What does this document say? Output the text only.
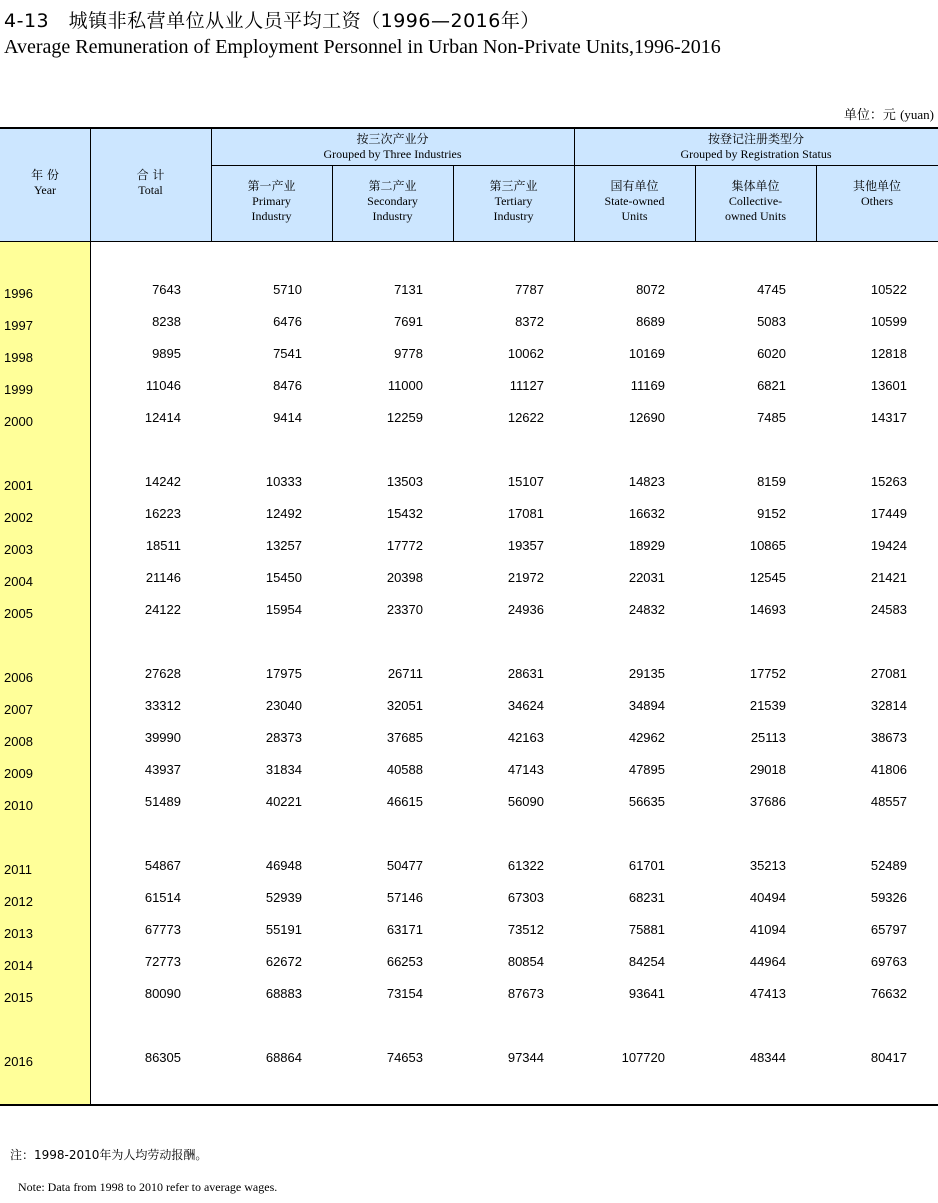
4-13　城镇非私营单位从业人员平均工资（1996—2016年）
Average Remuneration of Employment Personnel in Urban Non-Private Units,1996-2016
单位：元 (yuan)
年 份
Year
合 计
Total
按三次产业分
Grouped by Three Industries
按登记注册类型分
Grouped by Registration Status
第一产业
Primary
Industry
第二产业
Secondary
Industry
第三产业
Tertiary
Industry
国有单位
State-owned
Units
集体单位
Collective-
owned Units
其他单位
Others
1996	7643	5710	7131	7787	8072	4745	10522
1997	8238	6476	7691	8372	8689	5083	10599
1998	9895	7541	9778	10062	10169	6020	12818
1999	11046	8476	11000	11127	11169	6821	13601
2000	12414	9414	12259	12622	12690	7485	14317
2001	14242	10333	13503	15107	14823	8159	15263
2002	16223	12492	15432	17081	16632	9152	17449
2003	18511	13257	17772	19357	18929	10865	19424
2004	21146	15450	20398	21972	22031	12545	21421
2005	24122	15954	23370	24936	24832	14693	24583
2006	27628	17975	26711	28631	29135	17752	27081
2007	33312	23040	32051	34624	34894	21539	32814
2008	39990	28373	37685	42163	42962	25113	38673
2009	43937	31834	40588	47143	47895	29018	41806
2010	51489	40221	46615	56090	56635	37686	48557
2011	54867	46948	50477	61322	61701	35213	52489
2012	61514	52939	57146	67303	68231	40494	59326
2013	67773	55191	63171	73512	75881	41094	65797
2014	72773	62672	66253	80854	84254	44964	69763
2015	80090	68883	73154	87673	93641	47413	76632
2016	86305	68864	74653	97344	107720	48344	80417
注：1998-2010年为人均劳动报酬。
Note: Data from 1998 to 2010 refer to average wages.
